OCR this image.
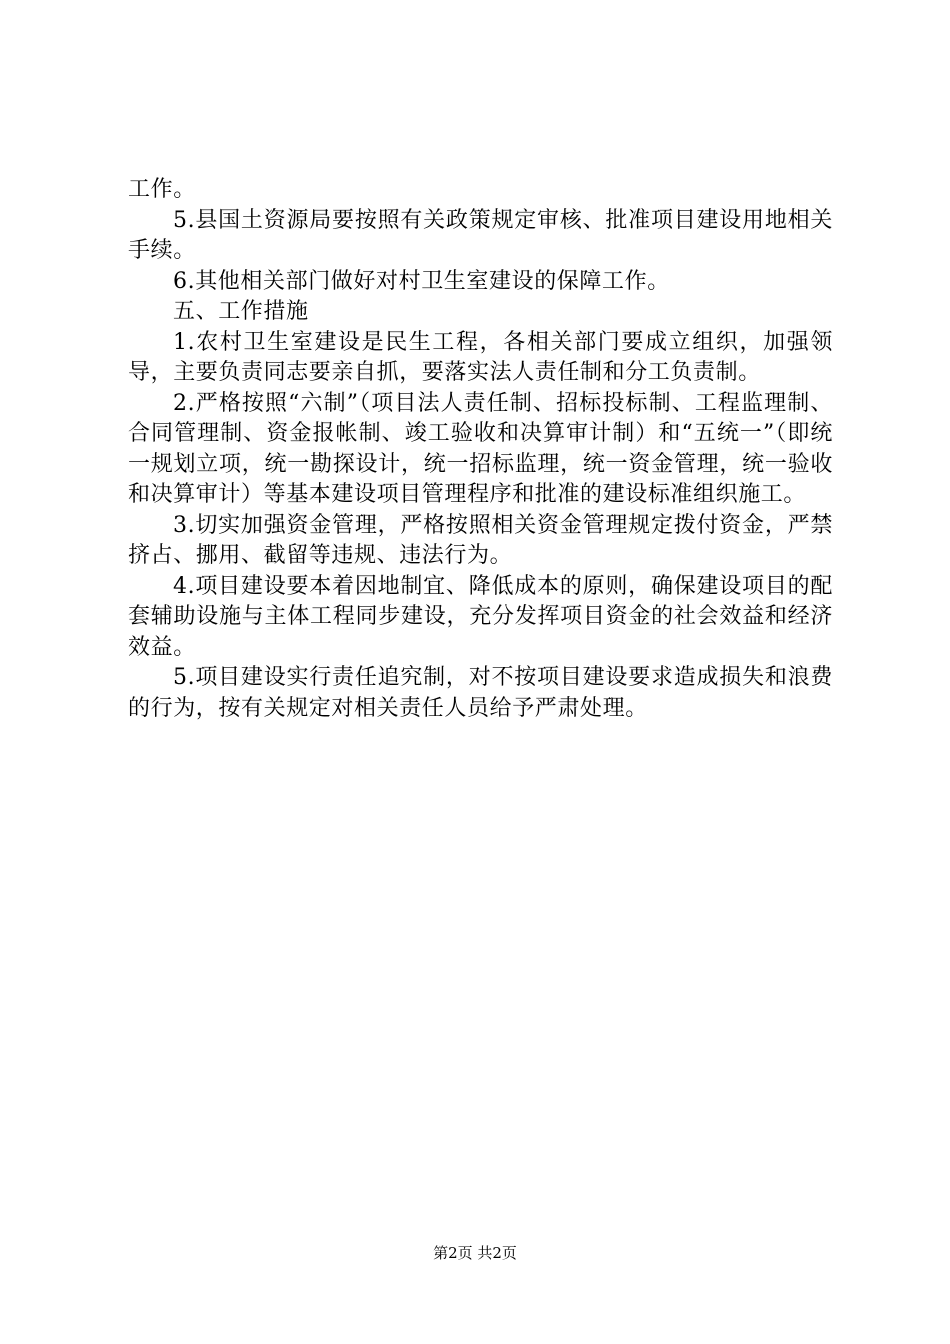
工作。

5.县国土资源局要按照有关政策规定审核、批准项目建设用地相关手续。

6.其他相关部门做好对村卫生室建设的保障工作。

五、工作措施

1.农村卫生室建设是民生工程，各相关部门要成立组织，加强领导，主要负责同志要亲自抓，要落实法人责任制和分工负责制。

2.严格按照“六制”（项目法人责任制、招标投标制、工程监理制、合同管理制、资金报帐制、竣工验收和决算审计制）和“五统一”（即统一规划立项，统一勘探设计，统一招标监理，统一资金管理，统一验收和决算审计）等基本建设项目管理程序和批准的建设标准组织施工。

3.切实加强资金管理，严格按照相关资金管理规定拨付资金，严禁挤占、挪用、截留等违规、违法行为。

4.项目建设要本着因地制宜、降低成本的原则，确保建设项目的配套辅助设施与主体工程同步建设，充分发挥项目资金的社会效益和经济效益。

5.项目建设实行责任追究制，对不按项目建设要求造成损失和浪费的行为，按有关规定对相关责任人员给予严肃处理。

第2页 共2页
